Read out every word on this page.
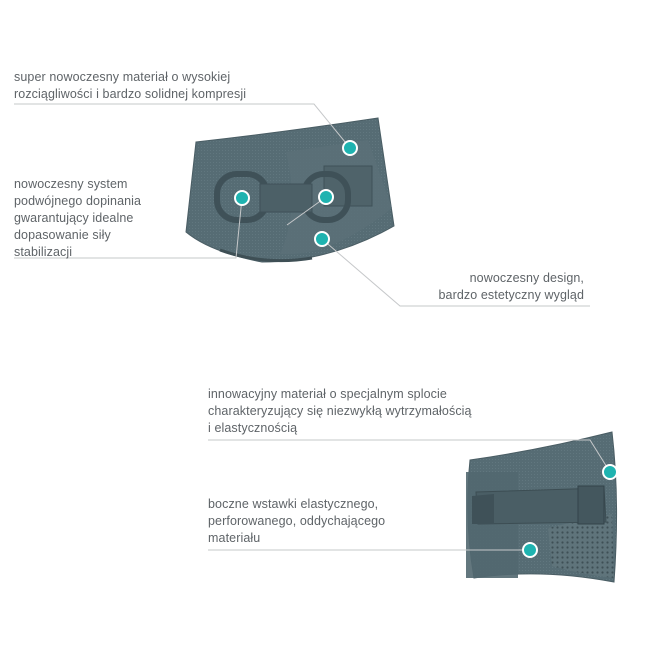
super nowoczesny materiał o wysokiej
rozciągliwości i bardzo solidnej kompresji
nowoczesny system
podwójnego dopinania
gwarantujący idealne
dopasowanie siły
stabilizacji
nowoczesny design,
bardzo estetyczny wygląd
innowacyjny materiał o specjalnym splocie
charakteryzujący się niezwykłą wytrzymałością
i elastycznością
boczne wstawki elastycznego,
perforowanego, oddychającego
materiału
